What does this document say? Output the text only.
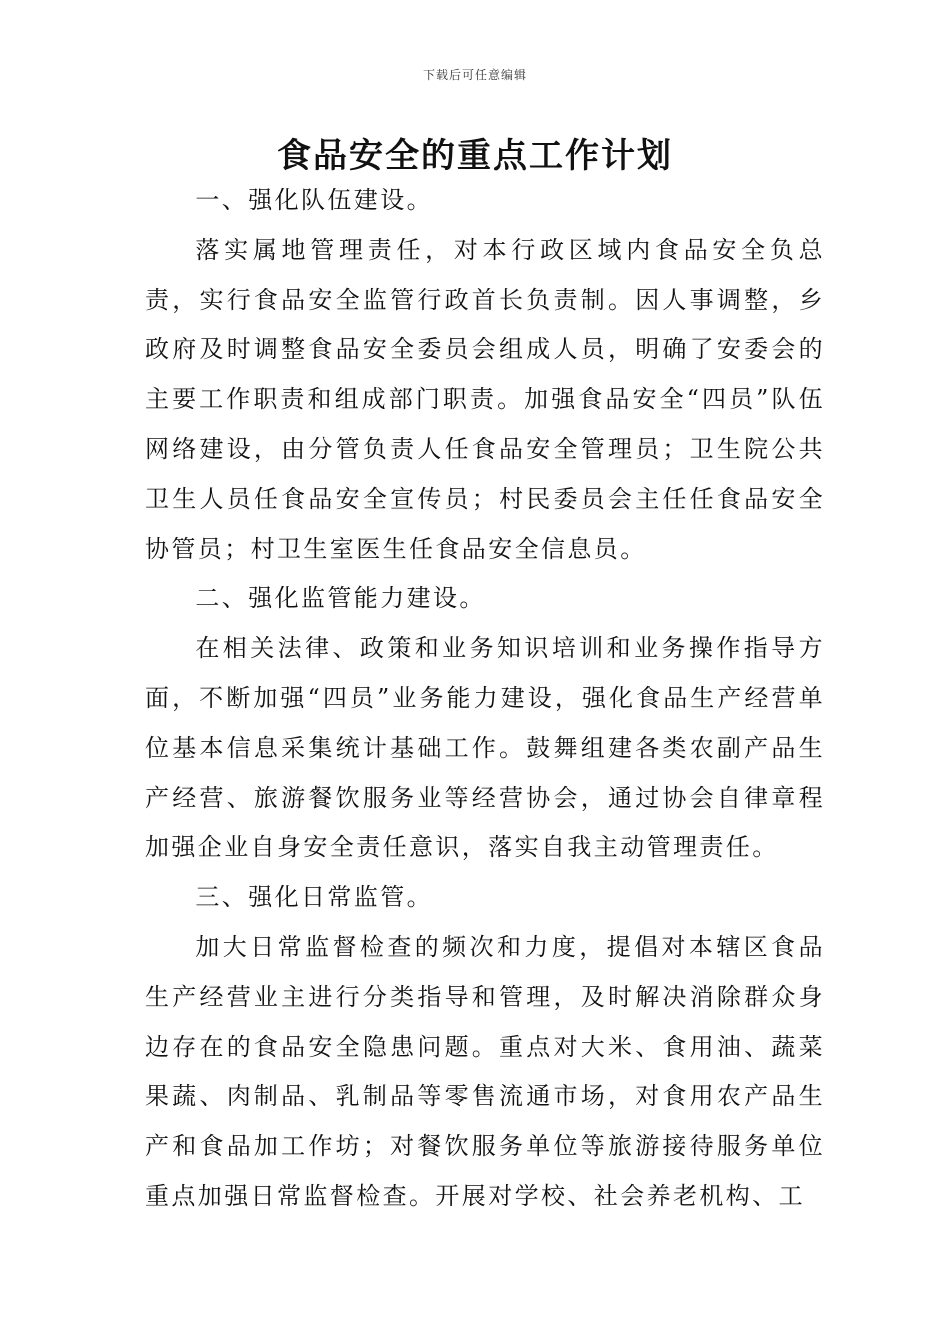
下载后可任意编辑
食品安全的重点工作计划

一、强化队伍建设。

落实属地管理责任，对本行政区域内食品安全负总责，实行食品安全监管行政首长负责制。因人事调整，乡政府及时调整食品安全委员会组成人员，明确了安委会的主要工作职责和组成部门职责。加强食品安全“四员”队伍网络建设，由分管负责人任食品安全管理员；卫生院公共卫生人员任食品安全宣传员；村民委员会主任任食品安全协管员；村卫生室医生任食品安全信息员。

二、强化监管能力建设。

在相关法律、政策和业务知识培训和业务操作指导方面，不断加强“四员”业务能力建设，强化食品生产经营单位基本信息采集统计基础工作。鼓舞组建各类农副产品生产经营、旅游餐饮服务业等经营协会，通过协会自律章程加强企业自身安全责任意识，落实自我主动管理责任。

三、强化日常监管。

加大日常监督检查的频次和力度，提倡对本辖区食品生产经营业主进行分类指导和管理，及时解决消除群众身边存在的食品安全隐患问题。重点对大米、食用油、蔬菜果蔬、肉制品、乳制品等零售流通市场，对食用农产品生产和食品加工作坊；对餐饮服务单位等旅游接待服务单位重点加强日常监督检查。开展对学校、社会养老机构、工
